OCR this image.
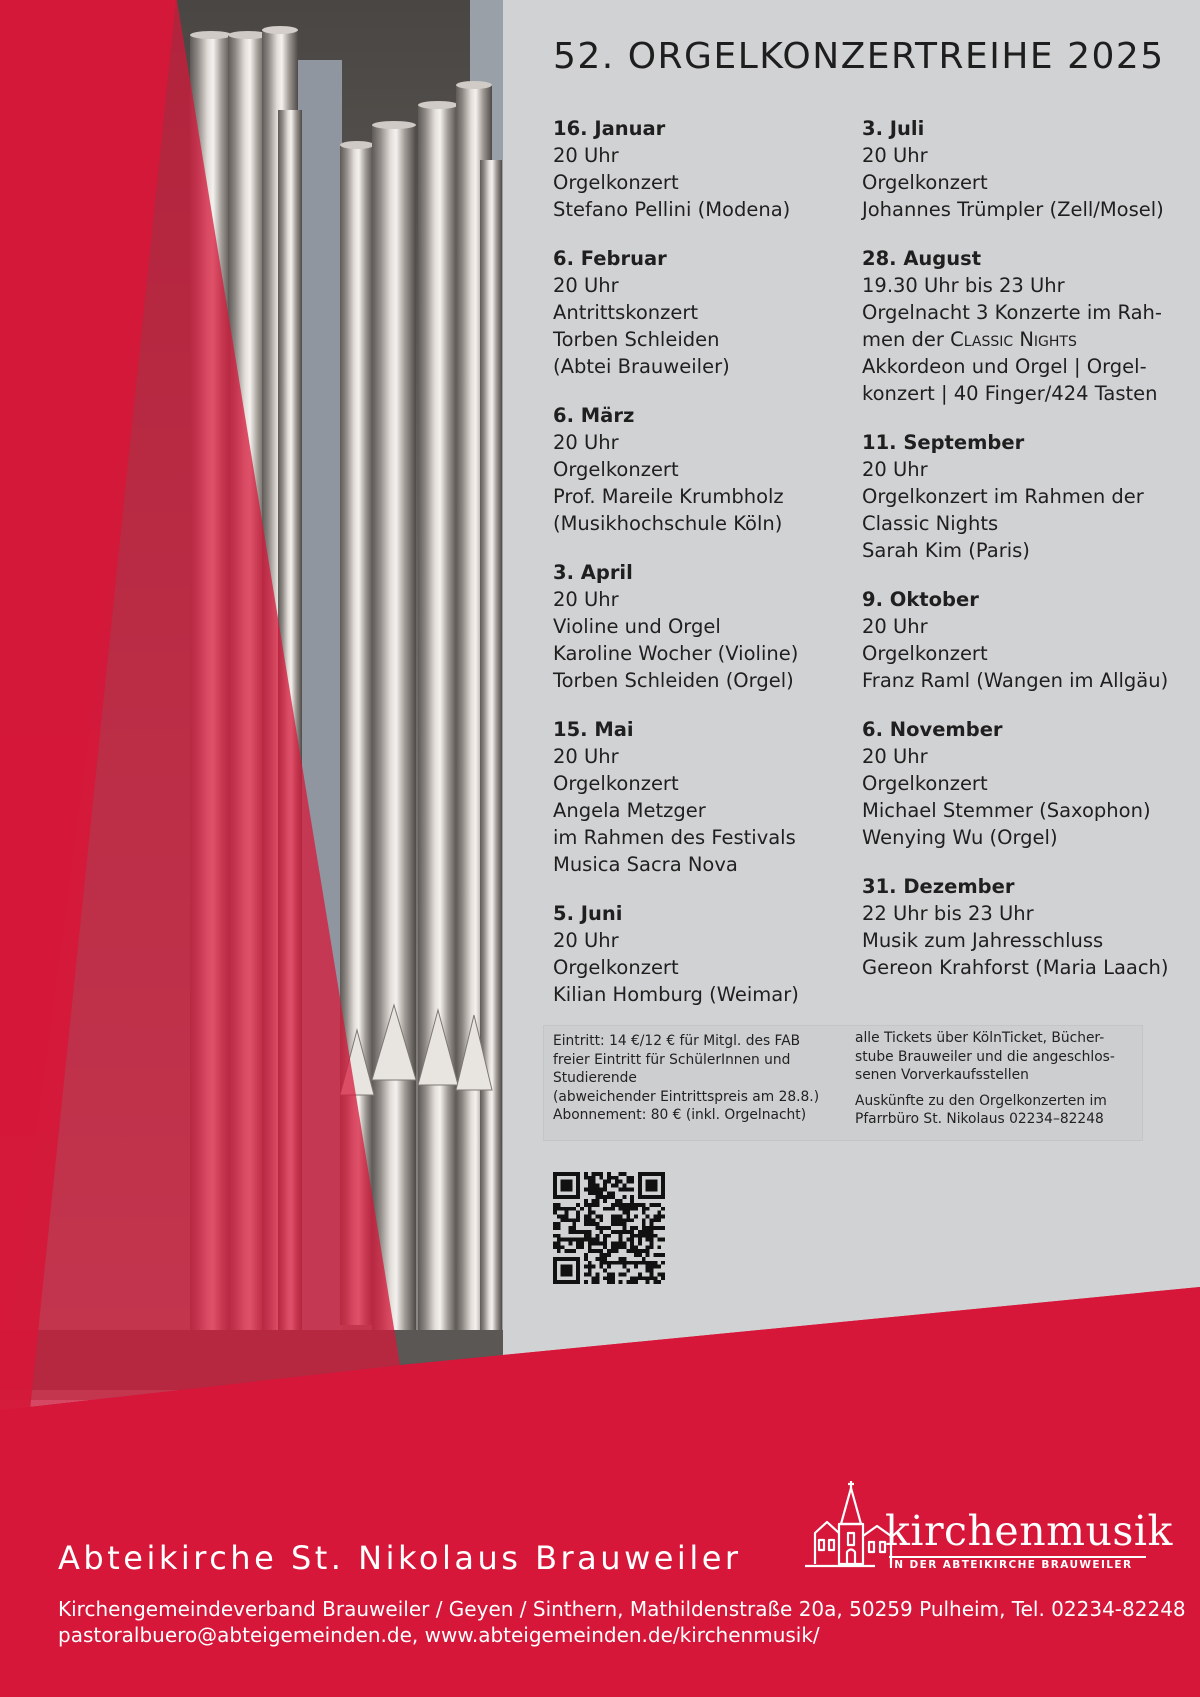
52. ORGELKONZERTREIHE 2025
16. Januar
20 Uhr
Orgelkonzert
Stefano Pellini (Modena)
6. Februar
20 Uhr
Antrittskonzert
Torben Schleiden
(Abtei Brauweiler)
6. März
20 Uhr
Orgelkonzert
Prof. Mareile Krumbholz
(Musikhochschule Köln)
3. April
20 Uhr
Violine und Orgel
Karoline Wocher (Violine)
Torben Schleiden (Orgel)
15. Mai
20 Uhr
Orgelkonzert
Angela Metzger
im Rahmen des Festivals
Musica Sacra Nova
5. Juni
20 Uhr
Orgelkonzert
Kilian Homburg (Weimar)
3. Juli
20 Uhr
Orgelkonzert
Johannes Trümpler (Zell/Mosel)
28. August
19.30 Uhr bis 23 Uhr
Orgelnacht 3 Konzerte im Rah-
men der Classic Nights
Akkordeon und Orgel | Orgel-
konzert | 40 Finger/424 Tasten
11. September
20 Uhr
Orgelkonzert im Rahmen der
Classic Nights
Sarah Kim (Paris)
9. Oktober
20 Uhr
Orgelkonzert
Franz Raml (Wangen im Allgäu)
6. November
20 Uhr
Orgelkonzert
Michael Stemmer (Saxophon)
Wenying Wu (Orgel)
31. Dezember
22 Uhr bis 23 Uhr
Musik zum Jahresschluss
Gereon Krahforst (Maria Laach)
Eintritt: 14 €/12 € für Mitgl. des FAB
freier Eintritt für SchülerInnen und
Studierende
(abweichender Eintrittspreis am 28.8.)
Abonnement: 80 € (inkl. Orgelnacht)
alle Tickets über KölnTicket, Bücher-
stube Brauweiler und die angeschlos-
senen Vorverkaufsstellen
Auskünfte zu den Orgelkonzerten im
Pfarrbüro St. Nikolaus 02234–82248
Abteikirche St. Nikolaus Brauweiler
Kirchengemeindeverband Brauweiler / Geyen / Sinthern, Mathildenstraße 20a, 50259 Pulheim, Tel. 02234-82248
pastoralbuero@abteigemeinden.de, www.abteigemeinden.de/kirchenmusik/
kirchenmusik
IN DER ABTEIKIRCHE BRAUWEILER
